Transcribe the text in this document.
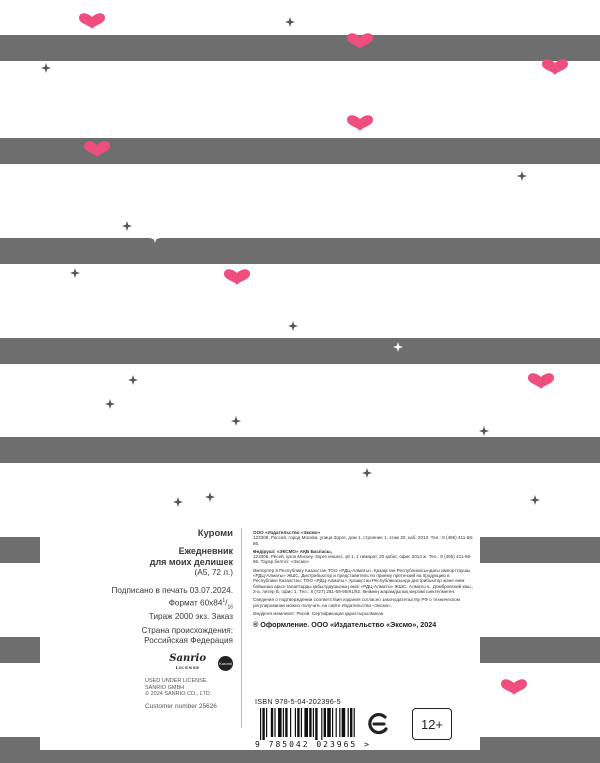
Куроми
Ежедневник
для моих делишек
(А5, 72 л.)
Подписано в печать 03.07.2024.
Формат $60x84^1/_{16}$
Тираж 2000 экз. Заказ
Страна происхождения:
Российская Федерация
Sanrio
LICENSE
Kuromi
USED UNDER LICENSE.
SANRIO GMBH
© 2024 SANRIO CO., LTD.
Customer number 25626
ООО «Издательство «Эксмо»
123308, Россия, город Москва, улица Зорге, дом 1, строение 1, этаж 20, каб. 2013. Тел.: 8 (495) 411-68-86.
Өндіруші: «ЭКСМО» АҚБ Баспасы,
123308, Ресей, қала Мәскеу, Зорге көшесі, үй 1, 1 ғимарат, 20 қабат, офис 2013 ж. Тел.: 8 (495) 411-68-86. Тауар белгісі: «Эксмо»
Импортёр в Республику Казахстан ТОО «РДЦ-Алматы». Қазақстан Республикасындағы импорттаушы «РДЦ-Алматы» ЖШС. Дистрибьютор и представитель по приему претензий на продукцию в Республике Казахстан: ТОО «РДЦ-Алматы». Қазақстан Республикасында дистрибьютор және өнім бойынша арыз-талаптарды қабылдаушының өкілі «РДЦ-Алматы» ЖШС. Алматы к., Домбровский көш., 3-а, литер Б, офис 1. Тел.: 8 (727) 251-59-90/91/92. Өнімнің жарамдылық мерзімі шектелмеген.
Сведения о подтверждении соответствия издания согласно законодательству РФ о техническом регулировании можно получить на сайте Издательства «Эксмо».
Өндірген мемлекет: Ресей. Сертификация қарастырылмаған.
® Оформление. ООО «Издательство «Эксмо», 2024
ISBN 978-5-04-202396-5
9 785042 023965 >
12+
